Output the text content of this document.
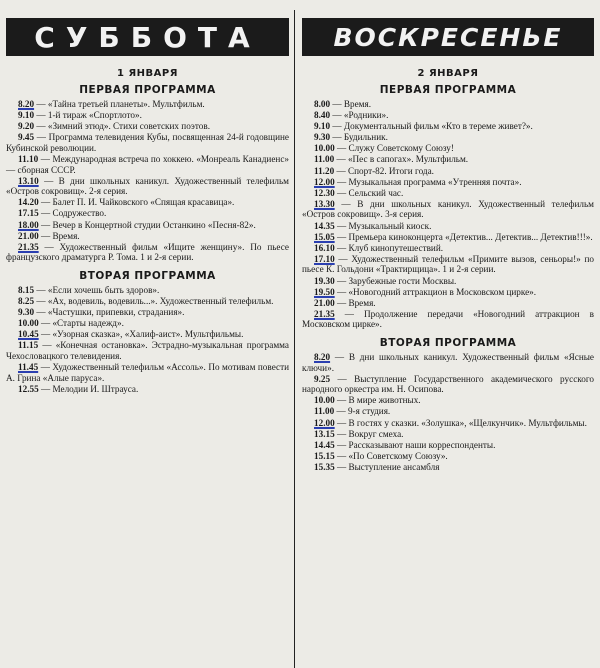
СУББОТА
1 ЯНВАРЯ
ПЕРВАЯ ПРОГРАММА
8.20 — «Тайна третьей планеты». Мультфильм.
9.10 — 1-й тираж «Спортлото».
9.20 — «Зимний этюд». Стихи советских поэтов.
9.45 — Программа телевидения Кубы, посвященная 24-й годовщине Кубинской революции.
11.10 — Международная встреча по хоккею. «Монреаль Канадиенс» — сборная СССР.
13.10 — В дни школьных каникул. Художественный телефильм «Остров сокровищ». 2-я серия.
14.20 — Балет П. И. Чайковского «Спящая красавица».
17.15 — Содружество.
18.00 — Вечер в Концертной студии Останкино «Песня-82».
21.00 — Время.
21.35 — Художественный фильм «Ищите женщину». По пьесе французского драматурга Р. Тома. 1 и 2-я серии.
ВТОРАЯ ПРОГРАММА
8.15 — «Если хочешь быть здоров».
8.25 — «Ах, водевиль, водевиль...». Художественный телефильм.
9.30 — «Частушки, припевки, страдания».
10.00 — «Старты надежд».
10.45 — «Узорная сказка», «Халиф-аист». Мультфильмы.
11.15 — «Конечная остановка». Эстрадно-музыкальная программа Чехословацкого телевидения.
11.45 — Художественный телефильм «Ассоль». По мотивам повести А. Грина «Алые паруса».
12.55 — Мелодии И. Штрауса.
ВОСКРЕСЕНЬЕ
2 ЯНВАРЯ
ПЕРВАЯ ПРОГРАММА
8.00 — Время.
8.40 — «Родники».
9.10 — Документальный фильм «Кто в тереме живет?».
9.30 — Будильник.
10.00 — Служу Советскому Союзу!
11.00 — «Пес в сапогах». Мультфильм.
11.20 — Спорт-82. Итоги года.
12.00 — Музыкальная программа «Утренняя почта».
12.30 — Сельский час.
13.30 — В дни школьных каникул. Художественный телефильм «Остров сокровищ». 3-я серия.
14.35 — Музыкальный киоск.
15.05 — Премьера киноконцерта «Детектив... Детектив... Детектив!!!».
16.10 — Клуб кинопутешествий.
17.10 — Художественный телефильм «Примите вызов, сеньоры!» по пьесе К. Гольдони «Трактирщица». 1 и 2-я серии.
19.30 — Зарубежные гости Москвы.
19.50 — «Новогодний аттракцион в Московском цирке».
21.00 — Время.
21.35 — Продолжение передачи «Новогодний аттракцион в Московском цирке».
ВТОРАЯ ПРОГРАММА
8.20 — В дни школьных каникул. Художественный фильм «Ясные ключи».
9.25 — Выступление Государственного академического русского народного оркестра им. Н. Осипова.
10.00 — В мире животных.
11.00 — 9-я студия.
12.00 — В гостях у сказки. «Золушка», «Щелкунчик». Мультфильмы.
13.15 — Вокруг смеха.
14.45 — Рассказывают наши корреспонденты.
15.15 — «По Советскому Союзу».
15.35 — Выступление ансамбля
